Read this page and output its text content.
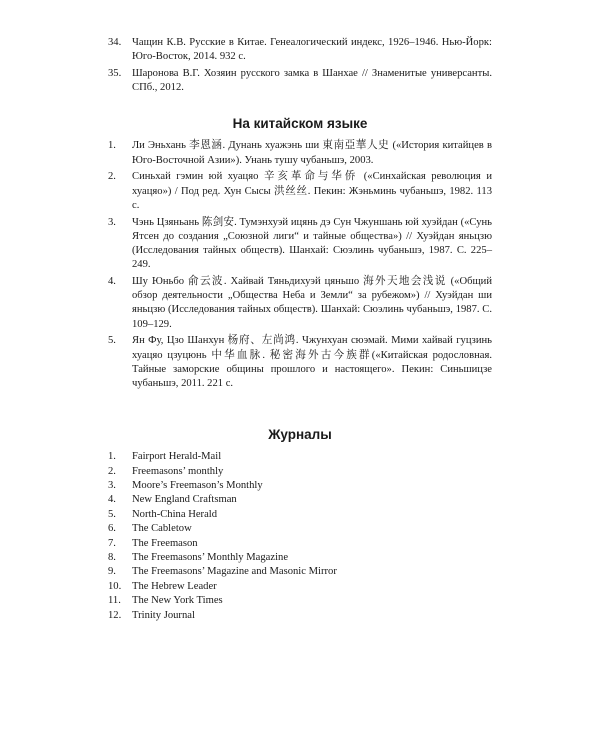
34. Чащин К.В. Русские в Китае. Генеалогический индекс, 1926–1946. Нью-Йорк: Юго-Восток, 2014. 932 с.
35. Шаронова В.Г. Хозяин русского замка в Шанхае // Знаменитые универсанты. СПб., 2012.
На китайском языке
1. Ли Эньхань 李恩涵. Дунань хуажэнь ши 東南亞華人史 («История китайцев в Юго-Восточной Азии»). Унань тушу чубаньшэ, 2003.
2. Синьхай гэмин юй хуацяо 辛亥革命与华侨 («Синхайская революция и хуацяо») / Под ред. Хун Сысы 洪丝丝. Пекин: Жэньминь чубаньшэ, 1982. 113 с.
3. Чэнь Цзяньань 陈剑安. Тумэнхуэй ицянь дэ Сун Чжуншань юй хуэйдан («Сунь Ятсен до создания „Союзной лиги“ и тайные общества») // Хуэйдан яньцзю (Исследования тайных обществ). Шанхай: Сюэлинь чубаньшэ, 1987. С. 225–249.
4. Шу Юньбо 俞云波. Хайвай Тяньдихуэй цяньшо 海外天地会浅说 («Общий обзор деятельности „Общества Неба и Земли“ за рубежом») // Хуэйдан ши яньцзю (Исследования тайных обществ). Шанхай: Сюэлинь чубаньшэ, 1987. С. 109–129.
5. Ян Фу, Цзо Шанхун 杨府、左尚鸿. Чжунхуан сюэмай. Мими хайвай гуцзинь хуацяо цзуцюнь 中华血脉. 秘密海外古今族群(«Китайская родословная. Тайные заморские общины прошлого и настоящего». Пекин: Синьшицзе чубаньшэ, 2011. 221 с.
Журналы
1. Fairport Herald-Mail
2. Freemasons’ monthly
3. Moore’s Freemason’s Monthly
4. New England Craftsman
5. North-China Herald
6. The Cabletow
7. The Freemason
8. The Freemasons’ Monthly Magazine
9. The Freemasons’ Magazine and Masonic Mirror
10. The Hebrew Leader
11. The New York Times
12. Trinity Journal
